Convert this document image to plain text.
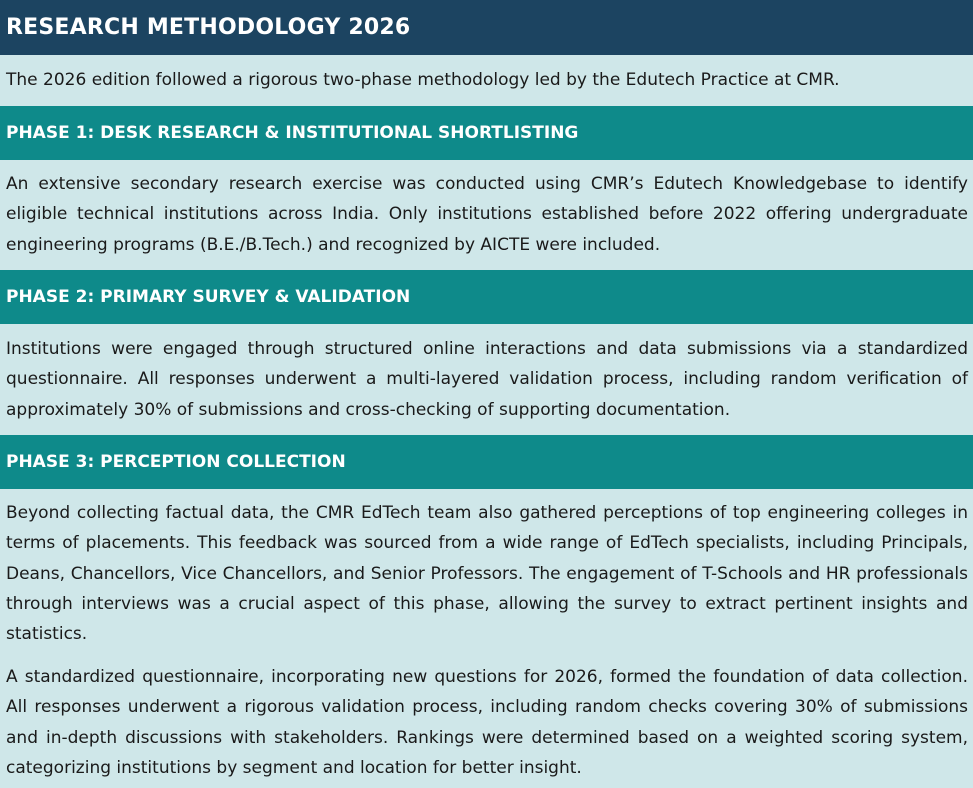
RESEARCH METHODOLOGY 2026

The 2026 edition followed a rigorous two-phase methodology led by the Edutech Practice at CMR.

PHASE 1: DESK RESEARCH & INSTITUTIONAL SHORTLISTING

An extensive secondary research exercise was conducted using CMR’s Edutech Knowledgebase to identify eligible technical institutions across India. Only institutions established before 2022 offering undergraduate engineering programs (B.E./B.Tech.) and recognized by AICTE were included.

PHASE 2: PRIMARY SURVEY & VALIDATION

Institutions were engaged through structured online interactions and data submissions via a standardized questionnaire. All responses underwent a multi-layered validation process, including random verification of approximately 30% of submissions and cross-checking of supporting documentation.

PHASE 3: PERCEPTION COLLECTION

Beyond collecting factual data, the CMR EdTech team also gathered perceptions of top engineering colleges in terms of placements. This feedback was sourced from a wide range of EdTech specialists, including Principals, Deans, Chancellors, Vice Chancellors, and Senior Professors. The engagement of T-Schools and HR professionals through interviews was a crucial aspect of this phase, allowing the survey to extract pertinent insights and statistics.

A standardized questionnaire, incorporating new questions for 2026, formed the foundation of data collection. All responses underwent a rigorous validation process, including random checks covering 30% of submissions and in-depth discussions with stakeholders. Rankings were determined based on a weighted scoring system, categorizing institutions by segment and location for better insight.
